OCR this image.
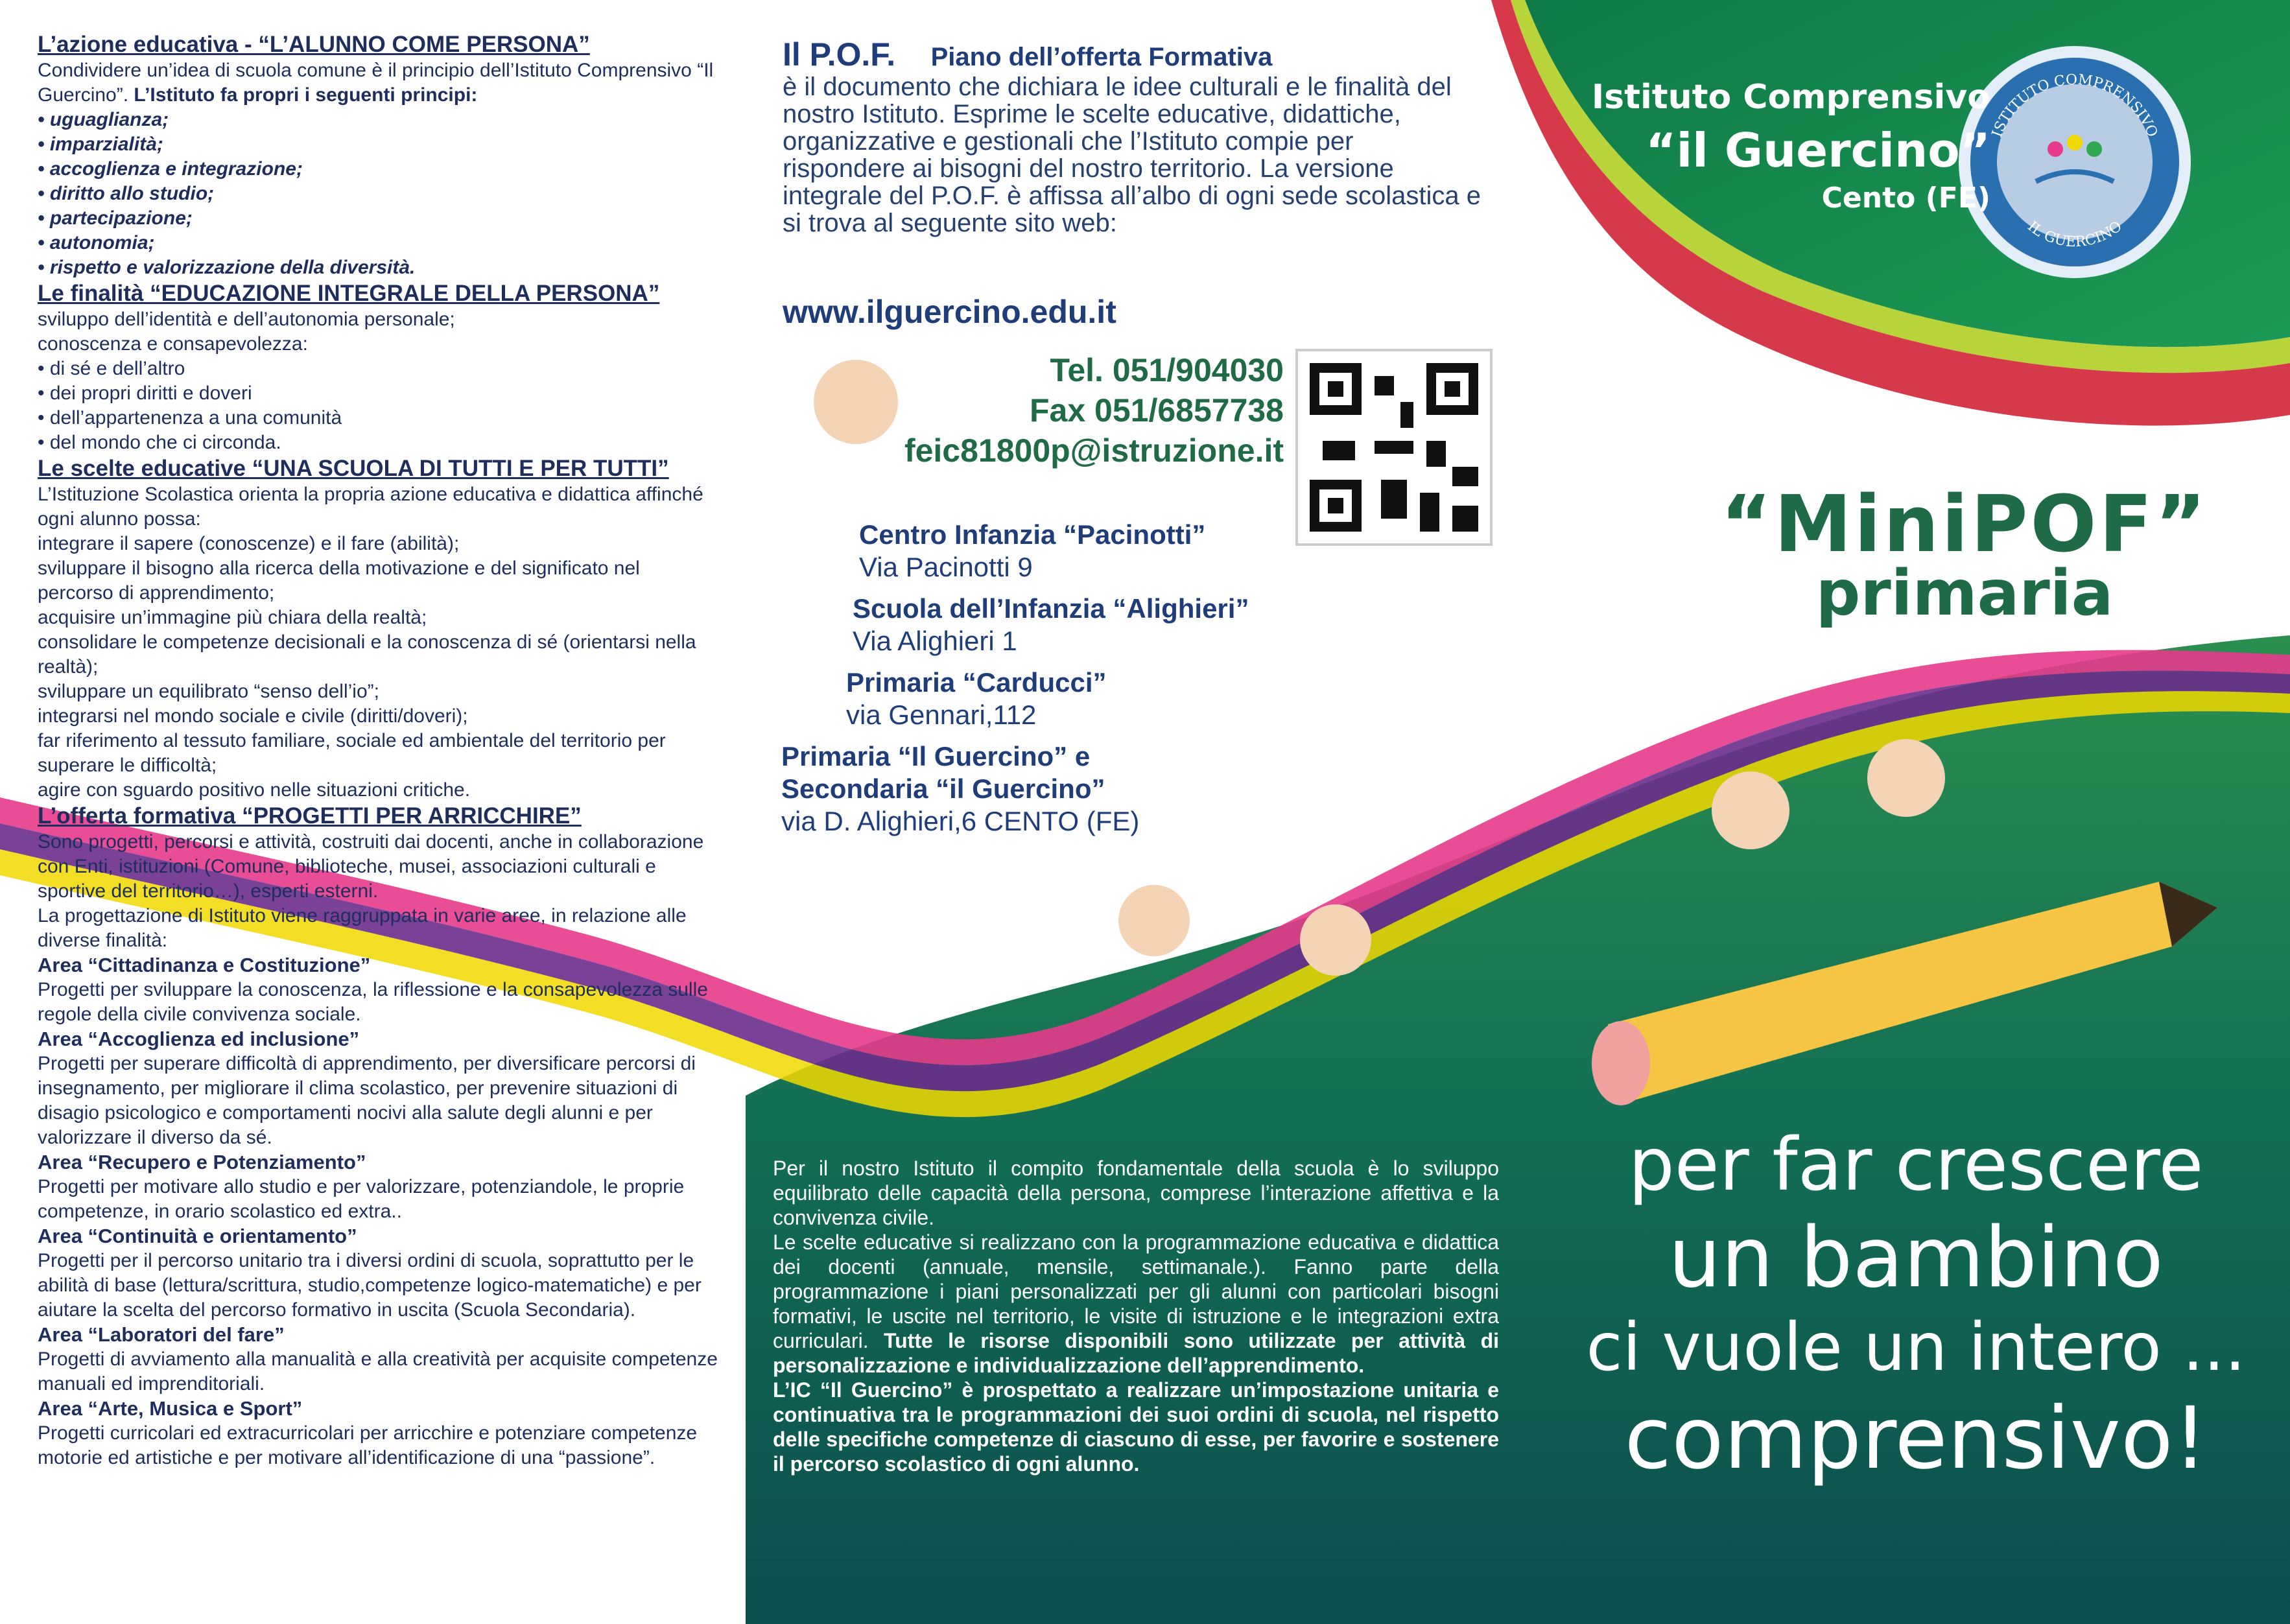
L’azione educativa - “L’ALUNNO COME PERSONA”

Condividere un’idea di scuola comune è il principio dell’Istituto Comprensivo “Il Guercino”. L’Istituto fa propri i seguenti principi:

• uguaglianza;
• imparzialità;
• accoglienza e integrazione;
• diritto allo studio;
• partecipazione;
• autonomia;
• rispetto e valorizzazione della diversità.
Le finalità “EDUCAZIONE INTEGRALE DELLA PERSONA”
sviluppo dell’identità e dell’autonomia personale;
conoscenza e consapevolezza:
• di sé e dell’altro
• dei propri diritti e doveri
• dell’appartenenza a una comunità
• del mondo che ci circonda.
Le scelte educative “UNA SCUOLA DI TUTTI E PER TUTTI”
L’Istituzione Scolastica orienta la propria azione educativa e didattica affinché ogni alunno possa:
integrare il sapere (conoscenze) e il fare (abilità);
sviluppare il bisogno alla ricerca della motivazione e del significato nel percorso di apprendimento;
acquisire un’immagine più chiara della realtà;
consolidare le competenze decisionali e la conoscenza di sé (orientarsi nella realtà);
sviluppare un equilibrato “senso dell’io”;
integrarsi nel mondo sociale e civile (diritti/doveri);
far riferimento al tessuto familiare, sociale ed ambientale del territorio per superare le difficoltà;
agire con sguardo positivo nelle situazioni critiche.
L’offerta formativa “PROGETTI PER ARRICCHIRE”

Sono progetti, percorsi e attività, costruiti dai docenti, anche in collaborazione con Enti, istituzioni (Comune, biblioteche, musei, associazioni culturali e sportive del territorio…), esperti esterni.

La progettazione di Istituto viene raggruppata in varie aree, in relazione alle diverse finalità:

Area “Cittadinanza e Costituzione”

Progetti per sviluppare la conoscenza, la riflessione e la consapevolezza sulle regole della civile convivenza sociale.

Area “Accoglienza ed inclusione”

Progetti per superare difficoltà di apprendimento, per diversificare percorsi di insegnamento, per migliorare il clima scolastico, per prevenire situazioni di disagio psicologico e comportamenti nocivi alla salute degli alunni e per valorizzare il diverso da sé.

Area “Recupero e Potenziamento”

Progetti per motivare allo studio e per valorizzare, potenziandole, le proprie competenze, in orario scolastico ed extra..

Area “Continuità e orientamento”

Progetti per il percorso unitario tra i diversi ordini di scuola, soprattutto per le abilità di base (lettura/scrittura, studio,competenze logico-matematiche) e per aiutare la scelta del percorso formativo in uscita (Scuola Secondaria).

Area “Laboratori del fare”

Progetti di avviamento alla manualità e alla creatività per acquisite competenze manuali ed imprenditoriali.

Area “Arte, Musica e Sport”

Progetti curricolari ed extracurricolari per arricchire e potenziare competenze motorie ed artistiche e per motivare all’identificazione di una “passione”.

Il P.O.F. Piano dell’offerta Formativa

è il documento che dichiara le idee culturali e le finalità del nostro Istituto. Esprime le scelte educative, didattiche, organizzative e gestionali che l’Istituto compie per rispondere ai bisogni del nostro territorio. La versione integrale del P.O.F. è affissa all’albo di ogni sede scolastica e si trova al seguente sito web:

www.ilguercino.edu.it
Tel. 051/904030
Fax 051/6857738
feic81800p@istruzione.it
Centro Infanzia “Pacinotti”
Via Pacinotti 9
Scuola dell’Infanzia “Alighieri”
Via Alighieri 1
Primaria “Carducci”
via Gennari,112
Primaria “Il Guercino” e Secondaria “il Guercino”
via D. Alighieri,6 CENTO (FE)

Per il nostro Istituto il compito fondamentale della scuola è lo sviluppo equilibrato delle capacità della persona, comprese l’interazione affettiva e la convivenza civile.

Le scelte educative si realizzano con la programmazione educativa e didattica dei docenti (annuale, mensile, settimanale.). Fanno parte della programmazione i piani personalizzati per gli alunni con particolari bisogni formativi, le uscite nel territorio, le visite di istruzione e le integrazioni extra curriculari. Tutte le risorse disponibili sono utilizzate per attività di personalizzazione e individualizzazione dell’apprendimento.

L’IC “Il Guercino” è prospettato a realizzare un’impostazione unitaria e continuativa tra le programmazioni dei suoi ordini di scuola, nel rispetto delle specifiche competenze di ciascuno di esse, per favorire e sostenere il percorso scolastico di ogni alunno.

Istituto Comprensivo
“il Guercino”
Cento (FE)
ISTITUTO COMPRENSIVO
IL GUERCINO
“MiniPOF”
primaria
per far crescere
un bambino
ci vuole un intero ...
comprensivo!
